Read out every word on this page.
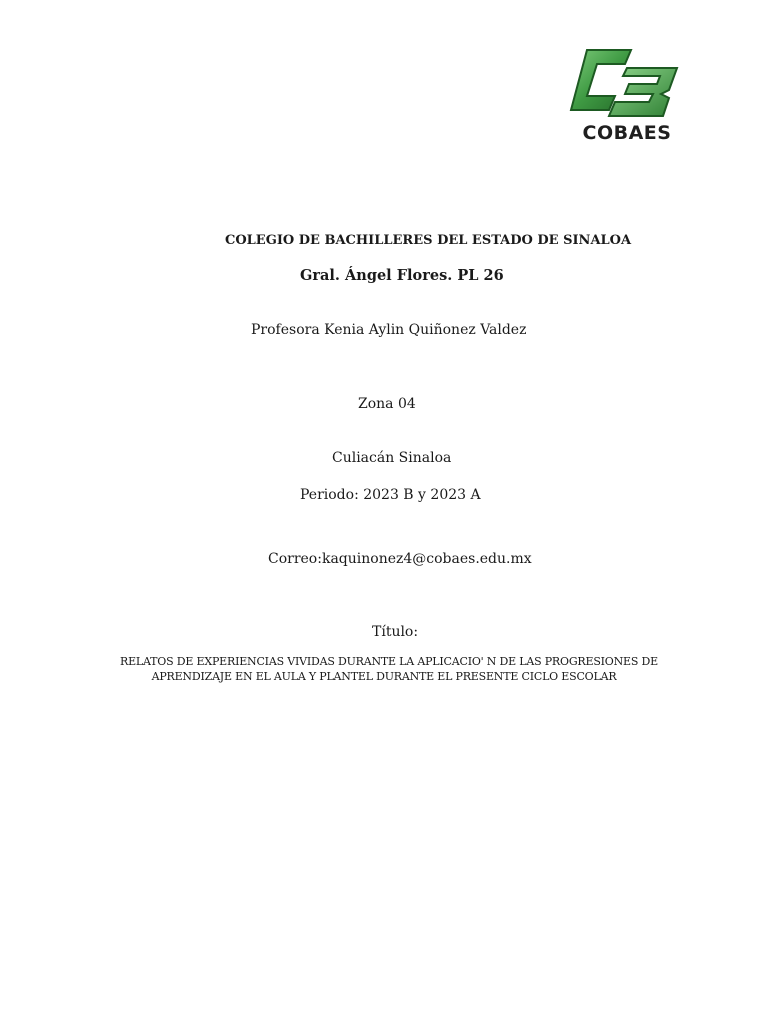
COBAES
COLEGIO DE BACHILLERES DEL ESTADO DE SINALOA
Gral. Ángel Flores. PL 26
Profesora Kenia Aylin Quiñonez Valdez
Zona 04
Culiacán Sinaloa
Periodo: 2023 B y 2023 A
Correo:kaquinonez4@cobaes.edu.mx
Título:
RELATOS DE EXPERIENCIAS VIVIDAS DURANTE LA APLICACIO' N DE LAS PROGRESIONES DE
APRENDIZAJE EN EL AULA Y PLANTEL DURANTE EL PRESENTE CICLO ESCOLAR
